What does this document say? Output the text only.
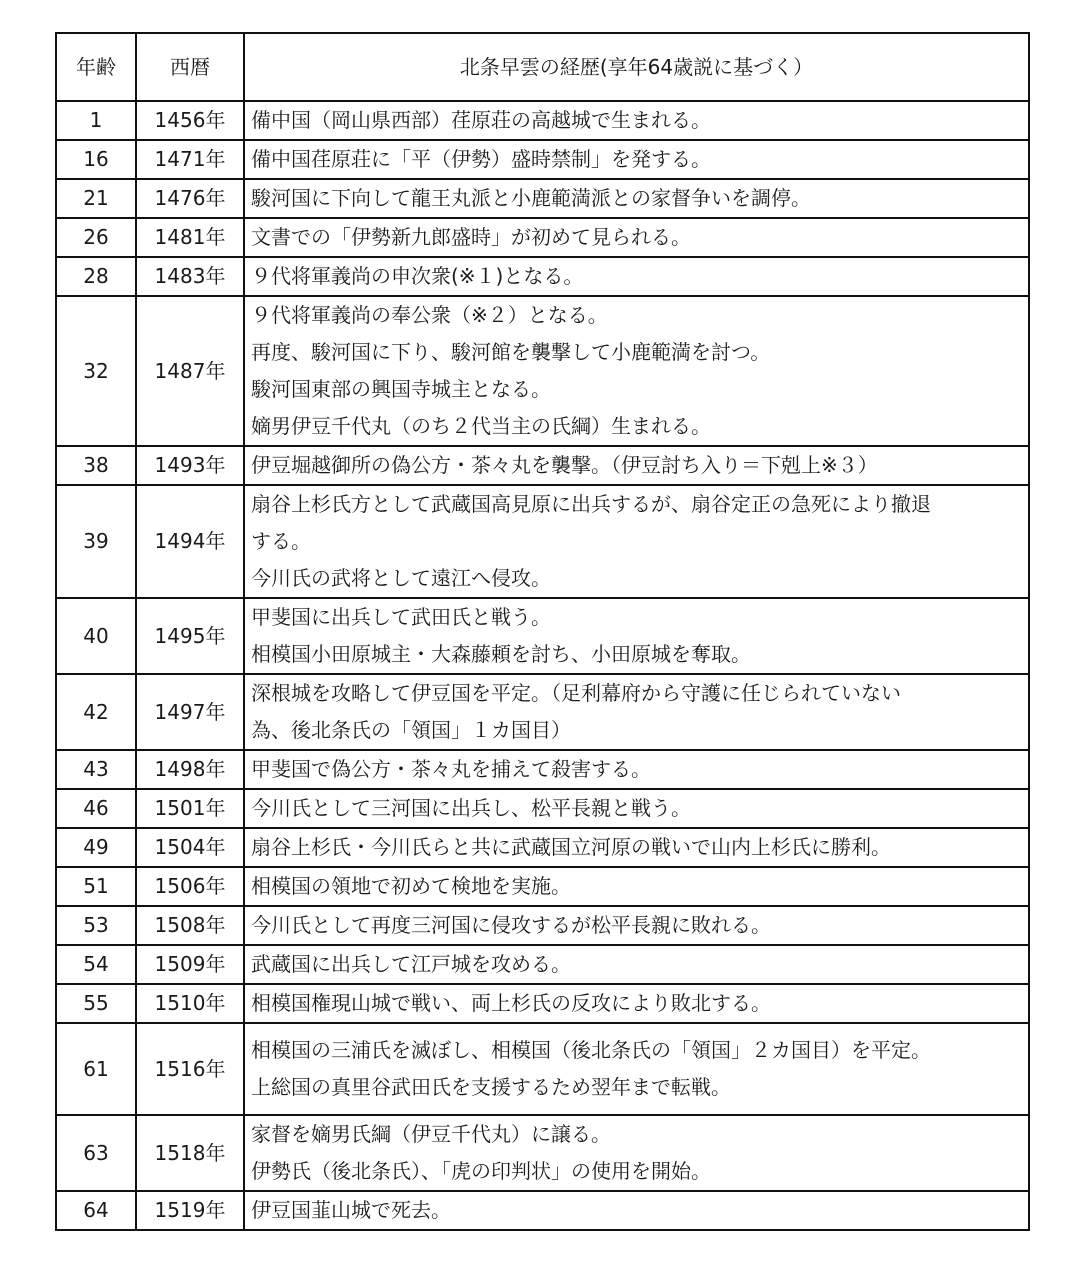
年齢	西暦	北条早雲の経歴(享年64歳説に基づく）
1	1456年	備中国（岡山県西部）荏原荘の高越城で生まれる。

16	1471年	備中国荏原荘に「平（伊勢）盛時禁制」を発する。

21	1476年	駿河国に下向して龍王丸派と小鹿範満派との家督争いを調停。

26	1481年	文書での「伊勢新九郎盛時」が初めて見られる。

28	1483年	９代将軍義尚の申次衆(※１)となる。

32	1487年	９代将軍義尚の奉公衆（※２）となる。
再度、駿河国に下り、駿河館を襲撃して小鹿範満を討つ。
駿河国東部の興国寺城主となる。
嫡男伊豆千代丸（のち２代当主の氏綱）生まれる。

38	1493年	伊豆堀越御所の偽公方・茶々丸を襲撃。（伊豆討ち入り＝下剋上※３）

39	1494年	扇谷上杉氏方として武蔵国高見原に出兵するが、扇谷定正の急死により撤退
する。
今川氏の武将として遠江へ侵攻。

40	1495年	甲斐国に出兵して武田氏と戦う。
相模国小田原城主・大森藤頼を討ち、小田原城を奪取。

42	1497年	深根城を攻略して伊豆国を平定。（足利幕府から守護に任じられていない
為、後北条氏の「領国」１カ国目）

43	1498年	甲斐国で偽公方・茶々丸を捕えて殺害する。

46	1501年	今川氏として三河国に出兵し、松平長親と戦う。

49	1504年	扇谷上杉氏・今川氏らと共に武蔵国立河原の戦いで山内上杉氏に勝利。

51	1506年	相模国の領地で初めて検地を実施。

53	1508年	今川氏として再度三河国に侵攻するが松平長親に敗れる。

54	1509年	武蔵国に出兵して江戸城を攻める。

55	1510年	相模国権現山城で戦い、両上杉氏の反攻により敗北する。

61	1516年	相模国の三浦氏を滅ぼし、相模国（後北条氏の「領国」２カ国目）を平定。
上総国の真里谷武田氏を支援するため翌年まで転戦。

63	1518年	家督を嫡男氏綱（伊豆千代丸）に譲る。
伊勢氏（後北条氏）、「虎の印判状」の使用を開始。

64	1519年	伊豆国韮山城で死去。
